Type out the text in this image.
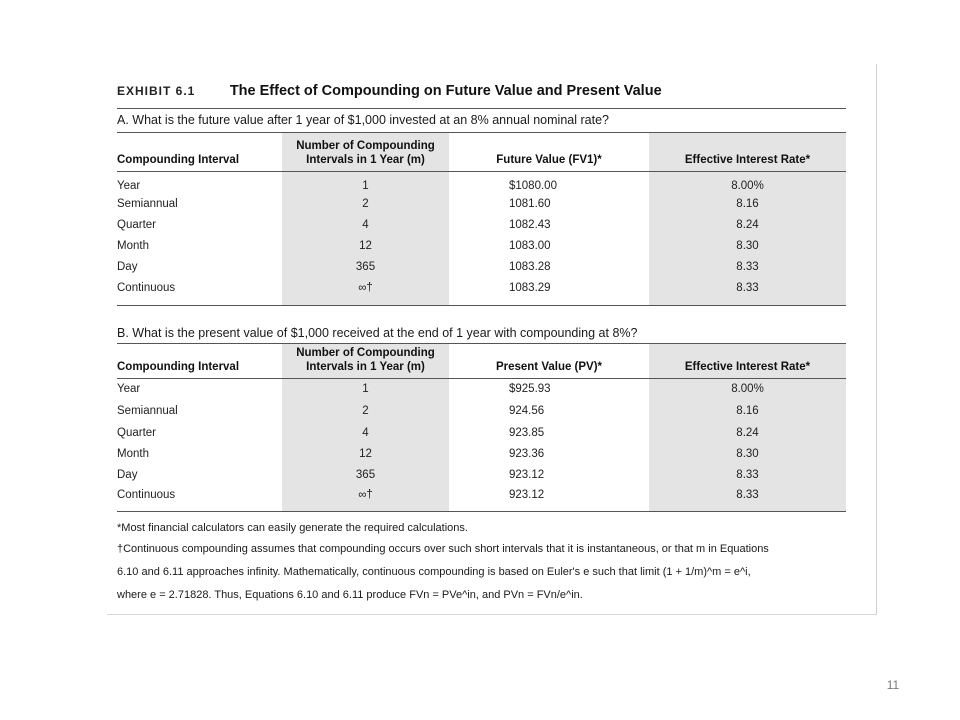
EXHIBIT 6.1 The Effect of Compounding on Future Value and Present Value
A. What is the future value after 1 year of $1,000 invested at an 8% annual nominal rate?
Compounding Interval	Number of Compounding Intervals in 1 Year (m)	Future Value (FV1)*	Effective Interest Rate*
Year	1	$1080.00	8.00%
Semiannual	2	1081.60	8.16
Quarter	4	1082.43	8.24
Month	12	1083.00	8.30
Day	365	1083.28	8.33
Continuous	∞†	1083.29	8.33
B. What is the present value of $1,000 received at the end of 1 year with compounding at 8%?
Compounding Interval	Number of Compounding Intervals in 1 Year (m)	Present Value (PV)*	Effective Interest Rate*
Year	1	$925.93	8.00%
Semiannual	2	924.56	8.16
Quarter	4	923.85	8.24
Month	12	923.36	8.30
Day	365	923.12	8.33
Continuous	∞†	923.12	8.33
*Most financial calculators can easily generate the required calculations.
†Continuous compounding assumes that compounding occurs over such short intervals that it is instantaneous, or that m in Equations
6.10 and 6.11 approaches infinity. Mathematically, continuous compounding is based on Euler's e such that limit (1 + 1/m)^m = e^i,
where e = 2.71828. Thus, Equations 6.10 and 6.11 produce FVn = PVe^in, and PVn = FVn/e^in.
11
